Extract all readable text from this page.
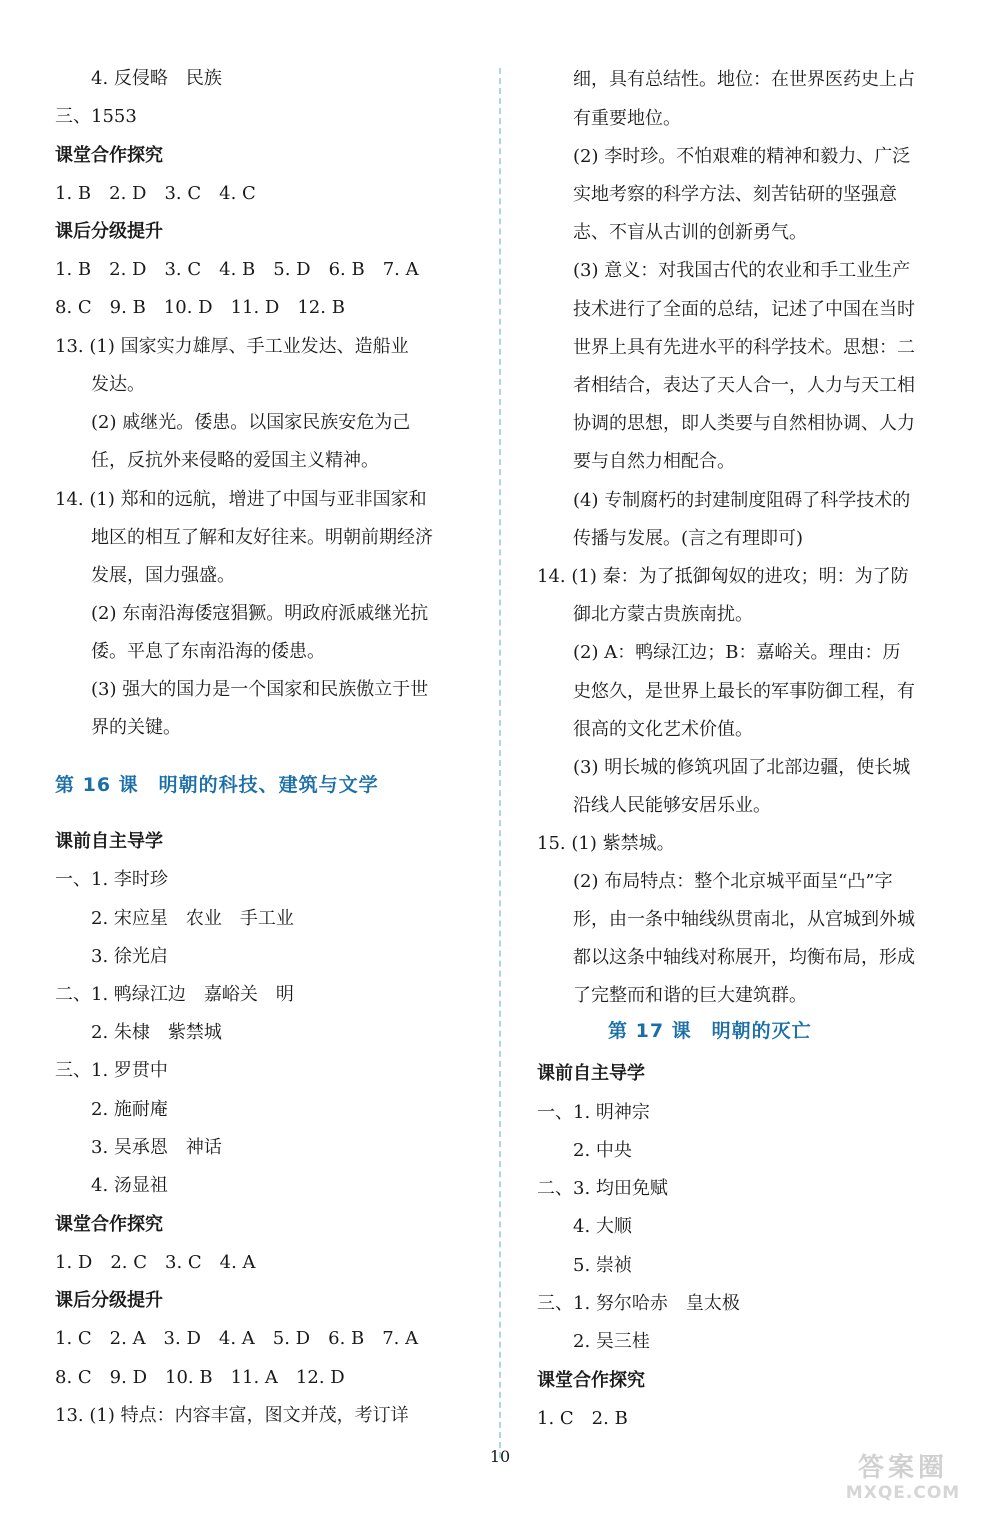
4. 反侵略　民族
三、1553
课堂合作探究
1. B　2. D　3. C　4. C
课后分级提升
1. B　2. D　3. C　4. B　5. D　6. B　7. A
8. C　9. B　10. D　11. D　12. B
13. (1) 国家实力雄厚、手工业发达、造船业
发达。
(2) 戚继光。倭患。以国家民族安危为己
任，反抗外来侵略的爱国主义精神。
14. (1) 郑和的远航，增进了中国与亚非国家和
地区的相互了解和友好往来。明朝前期经济
发展，国力强盛。
(2) 东南沿海倭寇猖獗。明政府派戚继光抗
倭。平息了东南沿海的倭患。
(3) 强大的国力是一个国家和民族傲立于世
界的关键。
课前自主导学
一、1. 李时珍
2. 宋应星　农业　手工业
3. 徐光启
二、1. 鸭绿江边　嘉峪关　明
2. 朱棣　紫禁城
三、1. 罗贯中
2. 施耐庵
3. 吴承恩　神话
4. 汤显祖
课堂合作探究
1. D　2. C　3. C　4. A
课后分级提升
1. C　2. A　3. D　4. A　5. D　6. B　7. A
8. C　9. D　10. B　11. A　12. D
13. (1) 特点：内容丰富，图文并茂，考订详
细，具有总结性。地位：在世界医药史上占
有重要地位。
(2) 李时珍。不怕艰难的精神和毅力、广泛
实地考察的科学方法、刻苦钻研的坚强意
志、不盲从古训的创新勇气。
(3) 意义：对我国古代的农业和手工业生产
技术进行了全面的总结，记述了中国在当时
世界上具有先进水平的科学技术。思想：二
者相结合，表达了天人合一，人力与天工相
协调的思想，即人类要与自然相协调、人力
要与自然力相配合。
(4) 专制腐朽的封建制度阻碍了科学技术的
传播与发展。(言之有理即可)
14. (1) 秦：为了抵御匈奴的进攻；明：为了防
御北方蒙古贵族南扰。
(2) A：鸭绿江边；B：嘉峪关。理由：历
史悠久，是世界上最长的军事防御工程，有
很高的文化艺术价值。
(3) 明长城的修筑巩固了北部边疆，使长城
沿线人民能够安居乐业。
15. (1) 紫禁城。
(2) 布局特点：整个北京城平面呈“凸”字
形，由一条中轴线纵贯南北，从宫城到外城
都以这条中轴线对称展开，均衡布局，形成
了完整而和谐的巨大建筑群。
课前自主导学
一、1. 明神宗
2. 中央
二、3. 均田免赋
4. 大顺
5. 崇祯
三、1. 努尔哈赤　皇太极
2. 吴三桂
课堂合作探究
1. C　2. B
第 16 课　明朝的科技、建筑与文学
第 17 课　明朝的灭亡
10	答案圈
MXQE.COM
